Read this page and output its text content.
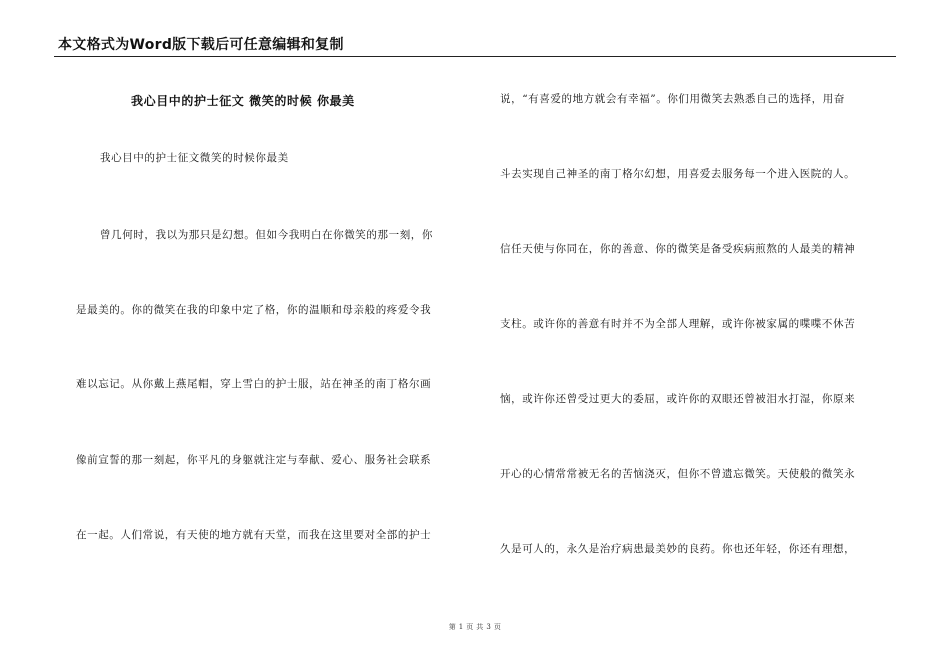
本文格式为Word版下载后可任意编辑和复制
我心目中的护士征文 微笑的时候 你最美
我心目中的护士征文微笑的时候你最美
曾几何时，我以为那只是幻想。但如今我明白在你微笑的那一刻，你
是最美的。你的微笑在我的印象中定了格，你的温顺和母亲般的疼爱令我
难以忘记。从你戴上燕尾帽，穿上雪白的护士服，站在神圣的南丁格尔画
像前宣誓的那一刻起，你平凡的身躯就注定与奉献、爱心、服务社会联系
在一起。人们常说，有天使的地方就有天堂，而我在这里要对全部的护士
说，“有喜爱的地方就会有幸福”。你们用微笑去熟悉自己的选择，用奋
斗去实现自己神圣的南丁格尔幻想，用喜爱去服务每一个进入医院的人。
信任天使与你同在，你的善意、你的微笑是备受疾病煎熬的人最美的精神
支柱。或许你的善意有时并不为全部人理解，或许你被家属的喋喋不休苦
恼，或许你还曾受过更大的委屈，或许你的双眼还曾被泪水打湿，你原来
开心的心情常常被无名的苦恼浇灭，但你不曾遗忘微笑。天使般的微笑永
久是可人的，永久是治疗病患最美妙的良药。你也还年轻，你还有理想，
第 1 页 共 3 页
